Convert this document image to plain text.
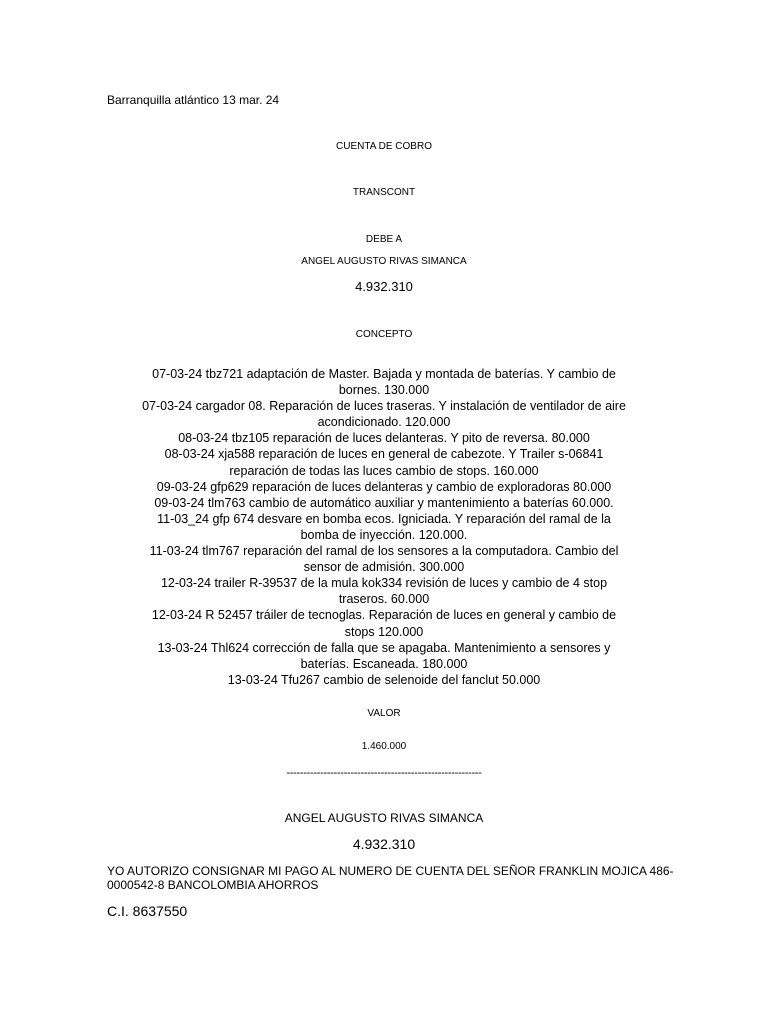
Barranquilla atlántico 13 mar. 24
CUENTA DE COBRO
TRANSCONT
DEBE A
ANGEL AUGUSTO RIVAS SIMANCA
4.932.310
CONCEPTO
07-03-24 tbz721 adaptación de Master. Bajada y montada de baterías. Y cambio de bornes. 130.000
07-03-24 cargador 08. Reparación de luces traseras. Y instalación de ventilador de aire acondicionado. 120.000
08-03-24 tbz105 reparación de luces delanteras. Y pito de reversa. 80.000
08-03-24 xja588 reparación de luces en general de cabezote. Y Trailer s-06841 reparación de todas las luces cambio de stops. 160.000
09-03-24 gfp629 reparación de luces delanteras y cambio de exploradoras 80.000
09-03-24 tlm763 cambio de automático auxiliar y mantenimiento a baterías 60.000.
11-03_24 gfp 674 desvare en bomba ecos. Igniciada. Y reparación del ramal de la bomba de inyección. 120.000.
11-03-24 tlm767 reparación del ramal de los sensores a la computadora. Cambio del sensor de admisión. 300.000
12-03-24 trailer R-39537 de la mula kok334 revisión de luces y cambio de 4 stop traseros. 60.000
12-03-24 R 52457 tráiler de tecnoglas. Reparación de luces en general y cambio de stops 120.000
13-03-24 Thl624 corrección de falla que se apagaba. Mantenimiento a sensores y baterías. Escaneada. 180.000
13-03-24 Tfu267 cambio de selenoide del fanclut 50.000
VALOR
1.460.000
----------------------------------------------------------
ANGEL AUGUSTO RIVAS SIMANCA
4.932.310
YO AUTORIZO CONSIGNAR MI PAGO AL NUMERO DE CUENTA DEL SEÑOR FRANKLIN MOJICA 486-
0000542-8 BANCOLOMBIA AHORROS
C.I. 8637550
